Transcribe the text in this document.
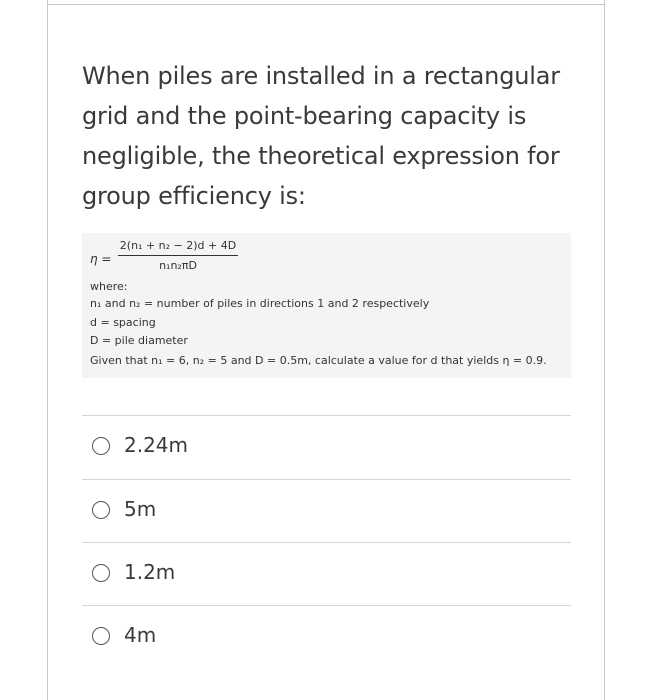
When piles are installed in a rectangular grid and the point-bearing capacity is negligible, the theoretical expression for group efficiency is:
$\eta = \frac{\text{2(n₁ + n₂ − 2)d + 4D}}{\text{n₁n₂πD}}$
where:
n₁ and n₂ = number of piles in directions 1 and 2 respectively
d = spacing
D = pile diameter
Given that n₁ = 6, n₂ = 5 and D = 0.5m, calculate a value for d that yields η = 0.9.
2.24m
5m
1.2m
4m
